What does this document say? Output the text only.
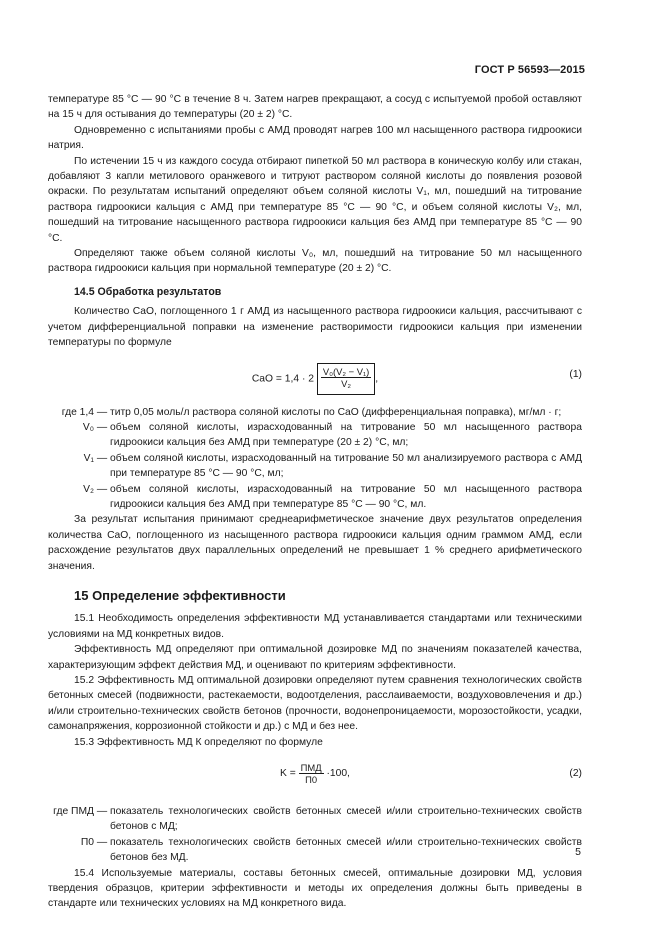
ГОСТ Р 56593—2015

температуре 85 °С — 90 °С в течение 8 ч. Затем нагрев прекращают, а сосуд с испытуемой пробой оставляют на 15 ч для остывания до температуры (20 ± 2) °С.

Одновременно с испытаниями пробы с АМД проводят нагрев 100 мл насыщенного раствора гидроокиси натрия.

По истечении 15 ч из каждого сосуда отбирают пипеткой 50 мл раствора в коническую колбу или стакан, добавляют 3 капли метилового оранжевого и титруют раствором соляной кислоты до появления розовой окраски. По результатам испытаний определяют объем соляной кислоты V₁, мл, пошедший на титрование раствора гидроокиси кальция с АМД при температуре 85 °С — 90 °С, и объем соляной кислоты V₂, мл, пошедший на титрование насыщенного раствора гидроокиси кальция без АМД при температуре 85 °С — 90 °С.

Определяют также объем соляной кислоты V₀, мл, пошедший на титрование 50 мл насыщенного раствора гидроокиси кальция при нормальной температуре (20 ± 2) °С.

14.5 Обработка результатов

Количество CaO, поглощенного 1 г АМД из насыщенного раствора гидроокиси кальция, рассчитывают с учетом дифференциальной поправки на изменение растворимости гидроокиси кальция при изменении температуры по формуле

CaO = $1,4 \cdot 2 \frac{\text{V₀(V₂ − V₁)}}{\text{V₂}}$ ,	(1)
где 1,4 — титр 0,05 моль/л раствора соляной кислоты по CaO (дифференциальная поправка), мг/мл · г;
V₀ — объем соляной кислоты, израсходованный на титрование 50 мл насыщенного раствора гидроокиси кальция без АМД при температуре (20 ± 2) °С, мл;
V₁ — объем соляной кислоты, израсходованный на титрование 50 мл анализируемого раствора с АМД при температуре 85 °С — 90 °С, мл;
V₂ — объем соляной кислоты, израсходованный на титрование 50 мл насыщенного раствора гидроокиси кальция без АМД при температуре 85 °С — 90 °С, мл.

За результат испытания принимают среднеарифметическое значение двух результатов определения количества CaO, поглощенного из насыщенного раствора гидроокиси кальция одним граммом АМД, если расхождение результатов двух параллельных определений не превышает 1 % среднего арифметического значения.

15 Определение эффективности

15.1 Необходимость определения эффективности МД устанавливается стандартами или техническими условиями на МД конкретных видов.

Эффективность МД определяют при оптимальной дозировке МД по значениям показателей качества, характеризующим эффект действия МД, и оценивают по критериям эффективности.

15.2 Эффективность МД оптимальной дозировки определяют путем сравнения технологических свойств бетонных смесей (подвижности, растекаемости, водоотделения, расслаиваемости, воздухововлечения и др.) и/или строительно-технических свойств бетонов (прочности, водонепроницаемости, морозостойкости, усадки, самонапряжения, коррозионной стойкости и др.) с МД и без нее.

15.3 Эффективность МД К определяют по формуле

$K = \frac{\text{ПМД}}{П0} \cdot 100$,	(2)
где ПМД — показатель технологических свойств бетонных смесей и/или строительно-технических свойств бетонов с МД;
П0 — показатель технологических свойств бетонных смесей и/или строительно-технических свойств бетонов без МД.

15.4 Используемые материалы, составы бетонных смесей, оптимальные дозировки МД, условия твердения образцов, критерии эффективности и методы их определения должны быть приведены в стандарте или технических условиях на МД конкретного вида.

5
